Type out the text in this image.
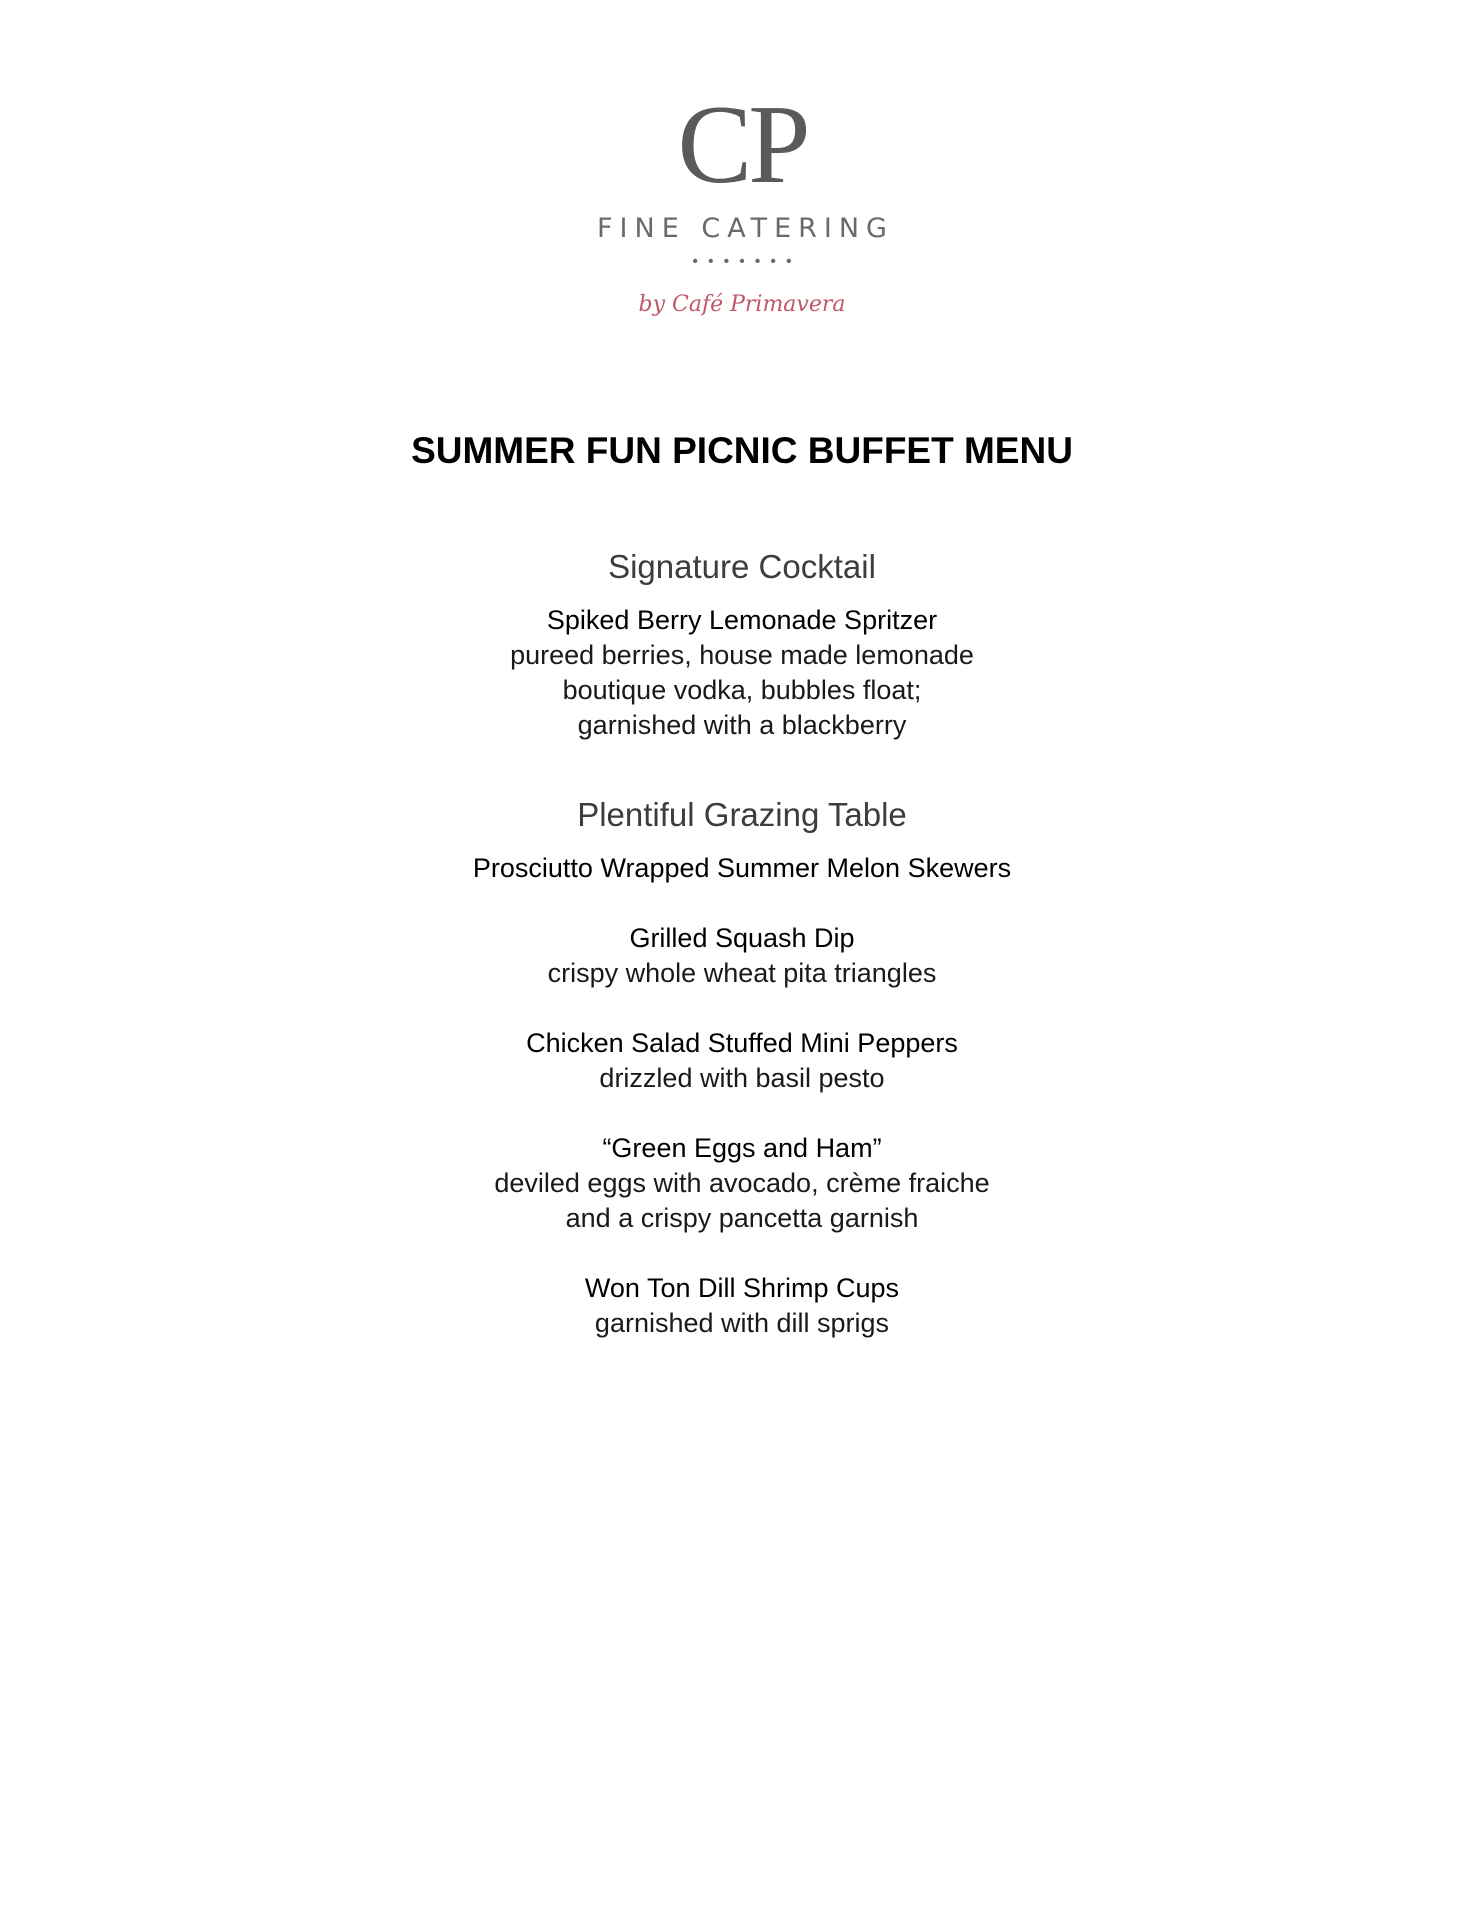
CP
FINE CATERING
•••••••
by Café Primavera
SUMMER FUN PICNIC BUFFET MENU
Signature Cocktail
Spiked Berry Lemonade Spritzer
pureed berries, house made lemonade
boutique vodka, bubbles float;
garnished with a blackberry
Plentiful Grazing Table
Prosciutto Wrapped Summer Melon Skewers
Grilled Squash Dip
crispy whole wheat pita triangles
Chicken Salad Stuffed Mini Peppers
drizzled with basil pesto
“Green Eggs and Ham”
deviled eggs with avocado, crème fraiche
and a crispy pancetta garnish
Won Ton Dill Shrimp Cups
garnished with dill sprigs
